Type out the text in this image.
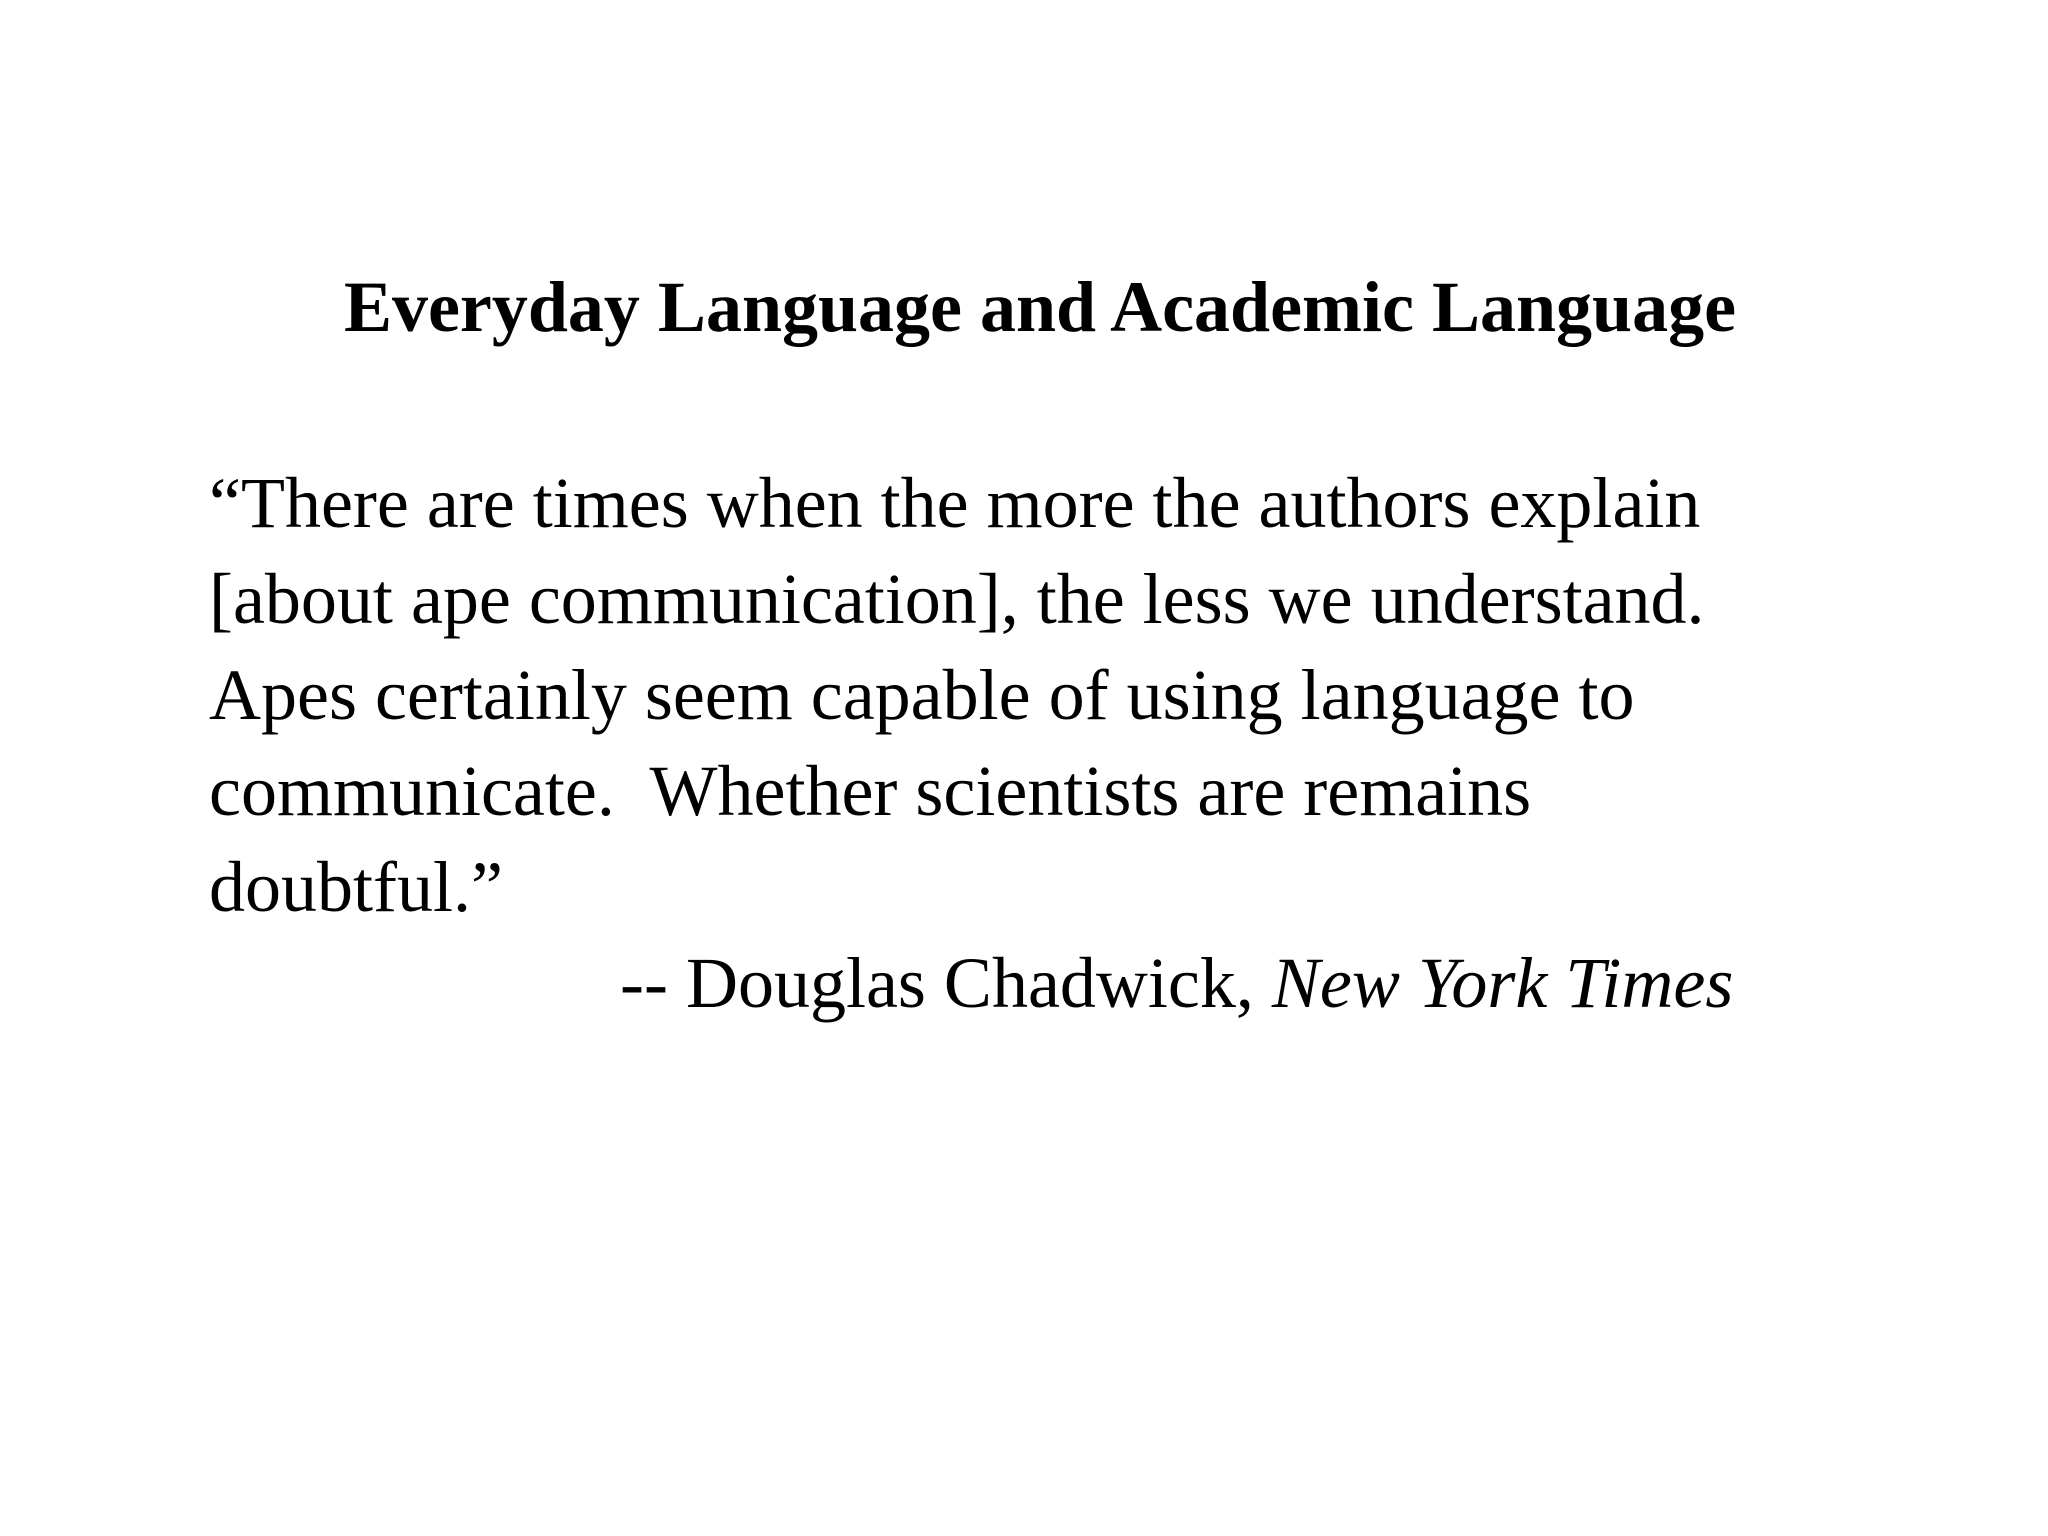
Everyday Language and Academic Language

“There are times when the more the authors explain
[about ape communication], the less we understand.
Apes certainly seem capable of using language to
communicate.  Whether scientists are remains
doubtful.”

-- Douglas Chadwick, New York Times
